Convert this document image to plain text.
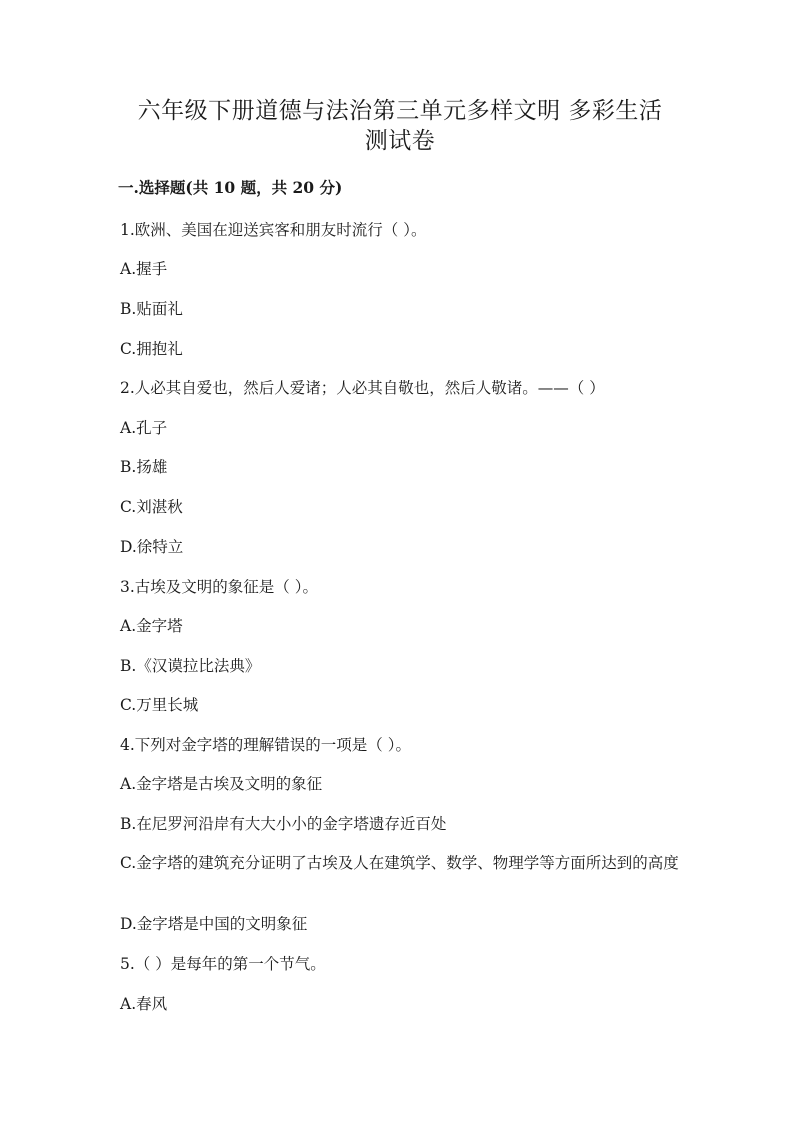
六年级下册道德与法治第三单元多样文明 多彩生活
测试卷
一.选择题(共 10 题，共 20 分)

1.欧洲、美国在迎送宾客和朋友时流行（ ）。

A.握手

B.贴面礼

C.拥抱礼

2.人必其自爱也，然后人爱诸；人必其自敬也，然后人敬诸。——（ ）

A.孔子

B.扬雄

C.刘湛秋

D.徐特立

3.古埃及文明的象征是（ ）。

A.金字塔

B.《汉谟拉比法典》

C.万里长城

4.下列对金字塔的理解错误的一项是（ ）。

A.金字塔是古埃及文明的象征

B.在尼罗河沿岸有大大小小的金字塔遗存近百处

C.金字塔的建筑充分证明了古埃及人在建筑学、数学、物理学等方面所达到的高度

D.金字塔是中国的文明象征

5.（ ）是每年的第一个节气。

A.春风
